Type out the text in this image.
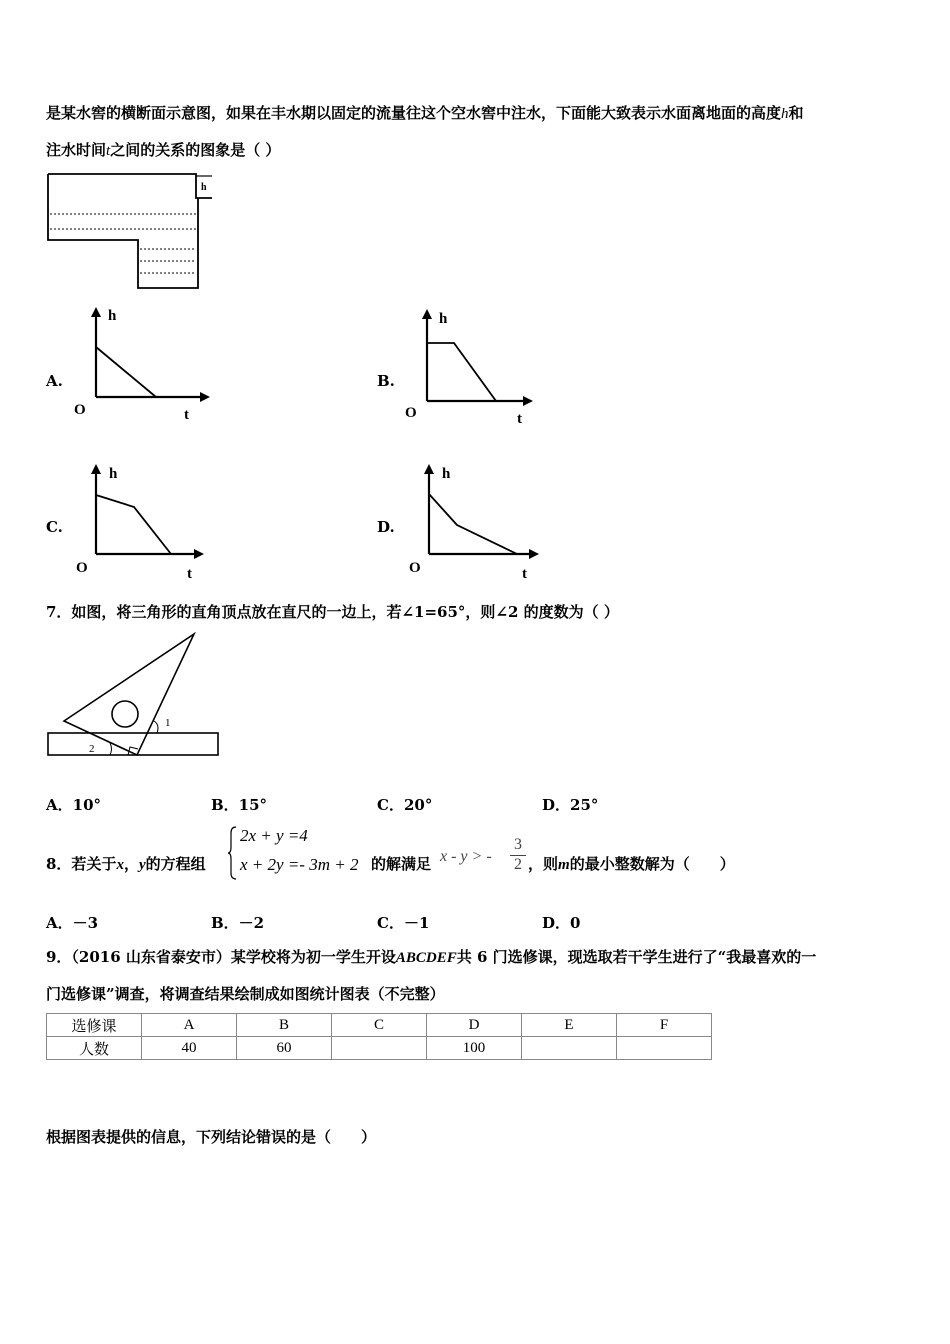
是某水窖的横断面示意图，如果在丰水期以固定的流量往这个空水窖中注水，下面能大致表示水面离地面的高度h和
注水时间t之间的关系的图象是（ ）
h
A.
h
t
O
B.
h
t
O
C.
h
t
O
D.
h
t
O
7．如图，将三角形的直角顶点放在直尺的一边上，若∠1=65°，则∠2 的度数为（ ）
1
2
A．10°	B．15°	C．20°	D．25°
8．若关于x，y的方程组
2x + y =4
x + 2y =- 3m + 2 的解满足 x - y > -
3
2 ，则m的最小整数解为（　　）
A．－3	B．－2	C．－1	D．0
9．（2016 山东省泰安市）某学校将为初一学生开设ABCDEF共 6 门选修课，现选取若干学生进行了“我最喜欢的一
门选修课”调查，将调查结果绘制成如图统计图表（不完整）
选修课	A	B	C	D	E	F
人数	40	60		100		
根据图表提供的信息，下列结论错误的是（　　）
